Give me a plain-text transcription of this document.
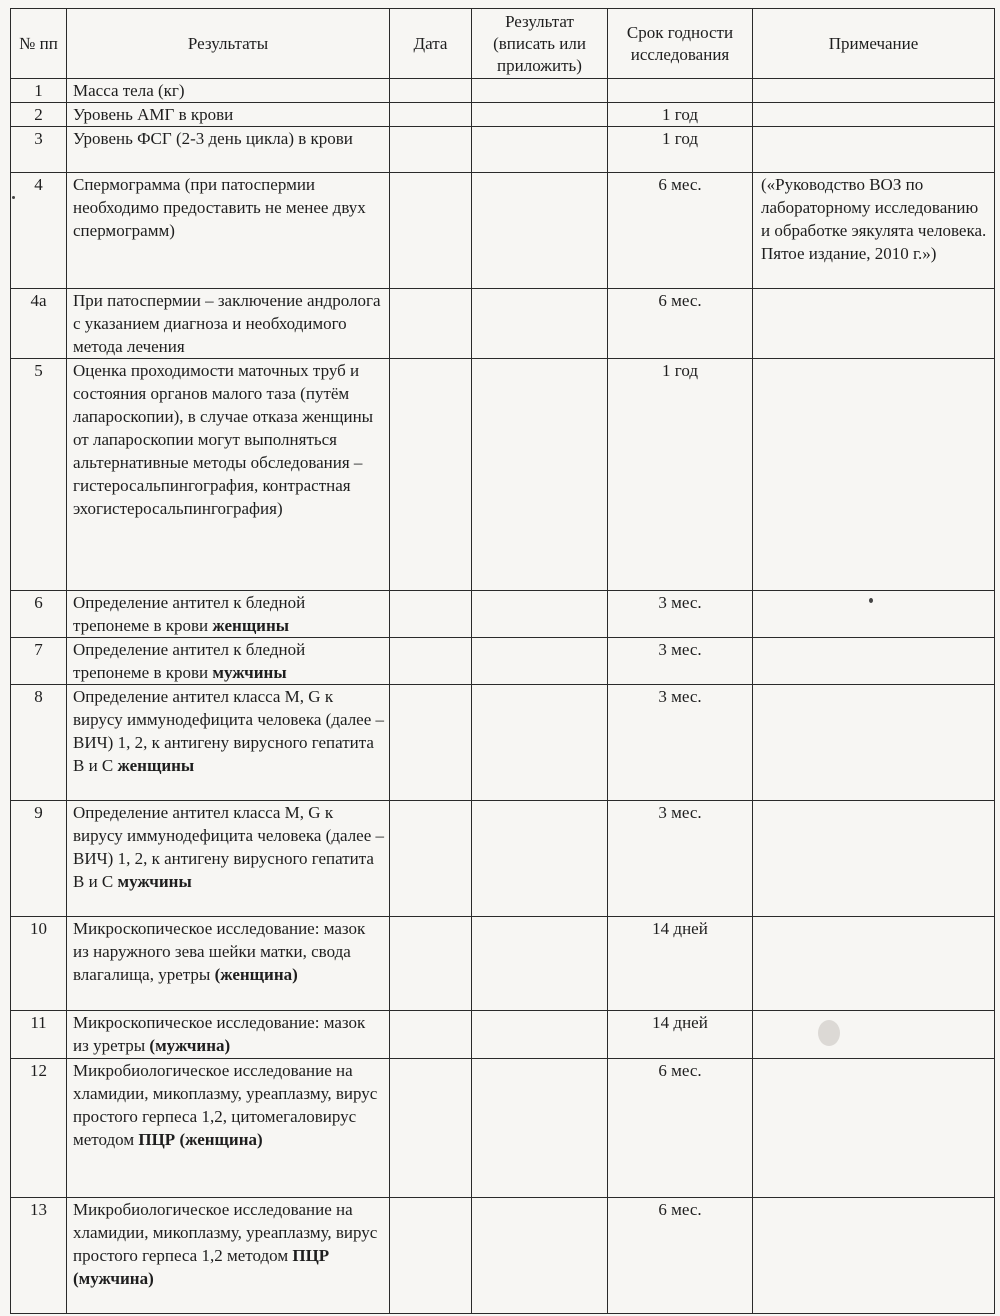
№ пп	Результаты	Дата	Результат (вписать или приложить)	Срок годности исследования	Примечание
1	Масса тела (кг)				
2	Уровень АМГ в крови			1 год	
3	Уровень ФСГ (2-3 день цикла) в крови			1 год	
4	Спермограмма (при патоспермии необходимо предоставить не менее двух спермограмм)			6 мес.	(«Руководство ВОЗ по лабораторному исследованию и обработке эякулята человека. Пятое издание, 2010 г.»)
4а	При патоспермии – заключение андролога с указанием диагноза и необходимого метода лечения			6 мес.	
5	Оценка проходимости маточных труб и состояния органов малого таза (путём лапароскопии), в случае отказа женщины от лапароскопии могут выполняться альтернативные методы обследования – гистеросальпингография, контрастная эхогистеросальпингография)			1 год	
6	Определение антител к бледной трепонеме в крови женщины			3 мес.	
7	Определение антител к бледной трепонеме в крови мужчины			3 мес.	
8	Определение антител класса M, G к вирусу иммунодефицита человека (далее – ВИЧ) 1, 2, к антигену вирусного гепатита B и C женщины			3 мес.	
9	Определение антител класса M, G к вирусу иммунодефицита человека (далее – ВИЧ) 1, 2, к антигену вирусного гепатита B и C мужчины			3 мес.	
10	Микроскопическое исследование: мазок из наружного зева шейки матки, свода влагалища, уретры (женщина)			14 дней	
11	Микроскопическое исследование: мазок из уретры (мужчина)			14 дней	
12	Микробиологическое исследование на хламидии, микоплазму, уреаплазму, вирус простого герпеса 1,2, цитомегаловирус методом ПЦР (женщина)			6 мес.	
13	Микробиологическое исследование на хламидии, микоплазму, уреаплазму, вирус простого герпеса 1,2 методом ПЦР (мужчина)			6 мес.	
